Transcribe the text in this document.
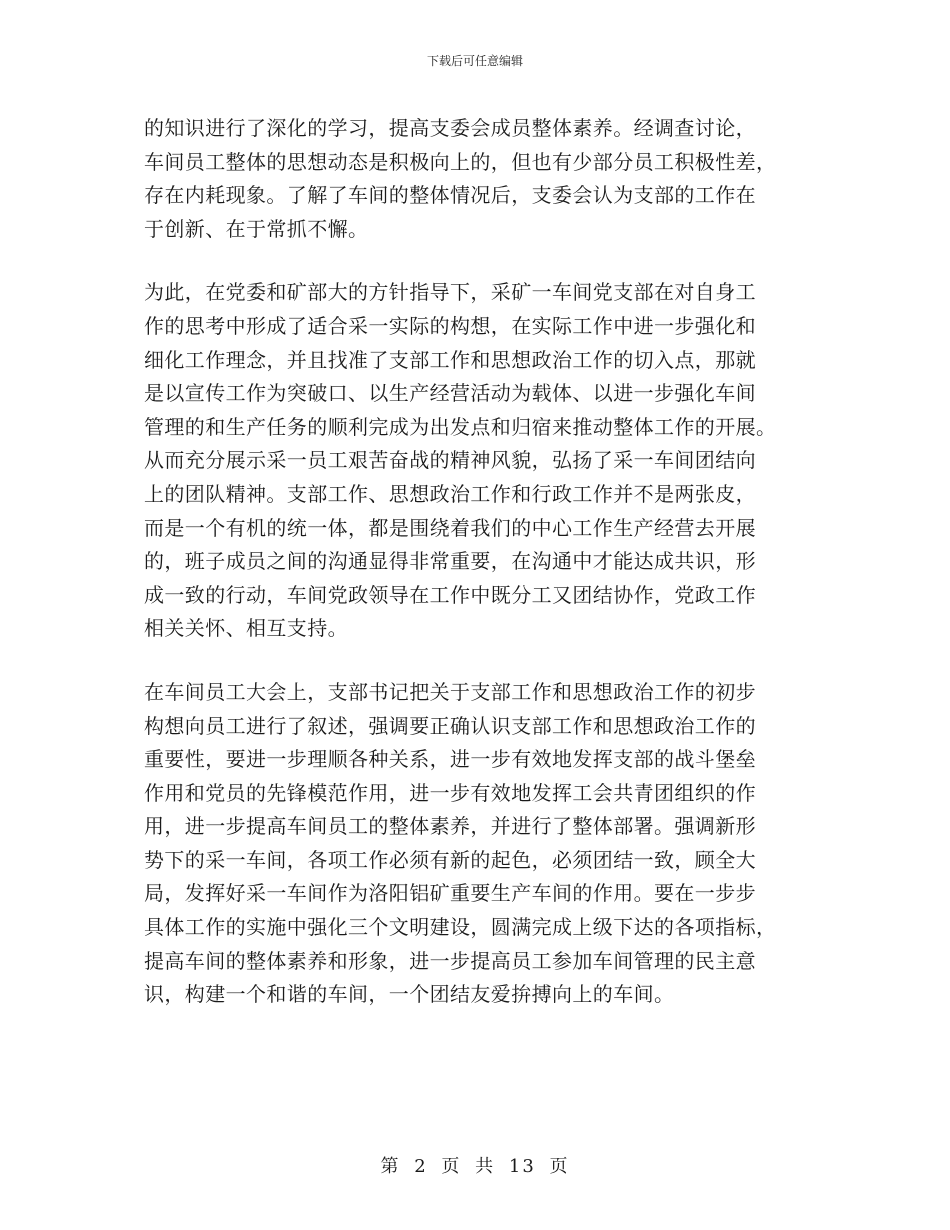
下载后可任意编辑
的知识进行了深化的学习，提高支委会成员整体素养。经调查讨论，
车间员工整体的思想动态是积极向上的，但也有少部分员工积极性差，
存在内耗现象。了解了车间的整体情况后，支委会认为支部的工作在
于创新、在于常抓不懈。
为此，在党委和矿部大的方针指导下，采矿一车间党支部在对自身工
作的思考中形成了适合采一实际的构想，在实际工作中进一步强化和
细化工作理念，并且找准了支部工作和思想政治工作的切入点，那就
是以宣传工作为突破口、以生产经营活动为载体、以进一步强化车间
管理的和生产任务的顺利完成为出发点和归宿来推动整体工作的开展。
从而充分展示采一员工艰苦奋战的精神风貌，弘扬了采一车间团结向
上的团队精神。支部工作、思想政治工作和行政工作并不是两张皮，
而是一个有机的统一体，都是围绕着我们的中心工作生产经营去开展
的，班子成员之间的沟通显得非常重要，在沟通中才能达成共识，形
成一致的行动，车间党政领导在工作中既分工又团结协作，党政工作
相关关怀、相互支持。
在车间员工大会上，支部书记把关于支部工作和思想政治工作的初步
构想向员工进行了叙述，强调要正确认识支部工作和思想政治工作的
重要性，要进一步理顺各种关系，进一步有效地发挥支部的战斗堡垒
作用和党员的先锋模范作用，进一步有效地发挥工会共青团组织的作
用，进一步提高车间员工的整体素养，并进行了整体部署。强调新形
势下的采一车间，各项工作必须有新的起色，必须团结一致，顾全大
局，发挥好采一车间作为洛阳铝矿重要生产车间的作用。要在一步步
具体工作的实施中强化三个文明建设，圆满完成上级下达的各项指标，
提高车间的整体素养和形象，进一步提高员工参加车间管理的民主意
识，构建一个和谐的车间，一个团结友爱拚搏向上的车间。
第 2 页 共 13 页
